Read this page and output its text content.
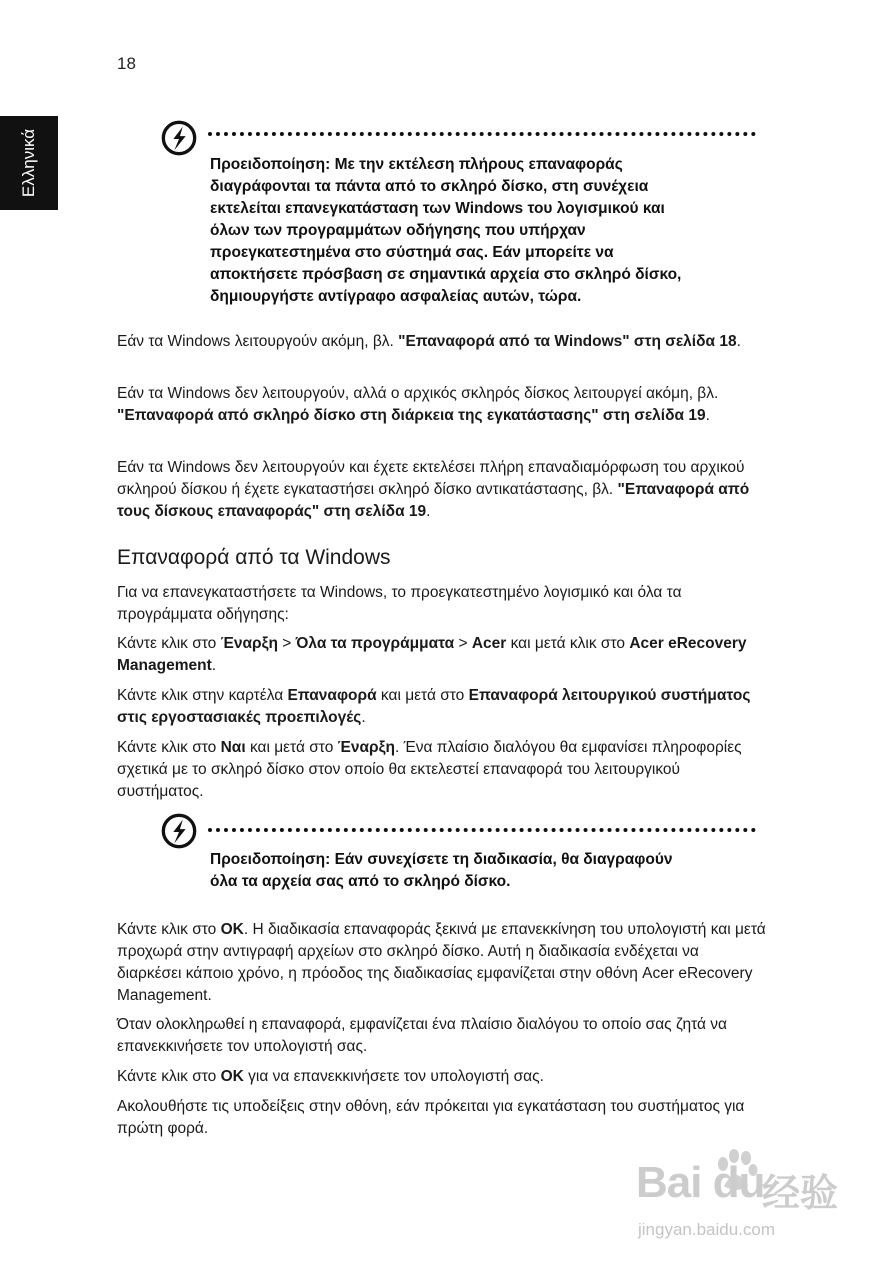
18
Ελληνικά	Προειδοποίηση: Με την εκτέλεση πλήρους επαναφοράς
διαγράφονται τα πάντα από το σκληρό δίσκο, στη συνέχεια
εκτελείται επανεγκατάσταση των Windows του λογισμικού και
όλων των προγραμμάτων οδήγησης που υπήρχαν
προεγκατεστημένα στο σύστημά σας. Εάν μπορείτε να
αποκτήσετε πρόσβαση σε σημαντικά αρχεία στο σκληρό δίσκο,
δημιουργήστε αντίγραφο ασφαλείας αυτών, τώρα.

Εάν τα Windows λειτουργούν ακόμη, βλ. "Επαναφορά από τα Windows" στη σελίδα 18.

Εάν τα Windows δεν λειτουργούν, αλλά ο αρχικός σκληρός δίσκος λειτουργεί ακόμη, βλ. "Επαναφορά από σκληρό δίσκο στη διάρκεια της εγκατάστασης" στη σελίδα 19.

Εάν τα Windows δεν λειτουργούν και έχετε εκτελέσει πλήρη επαναδιαμόρφωση του αρχικού σκληρού δίσκου ή έχετε εγκαταστήσει σκληρό δίσκο αντικατάστασης, βλ. "Επαναφορά από τους δίσκους επαναφοράς" στη σελίδα 19.

Επαναφορά από τα Windows

Για να επανεγκαταστήσετε τα Windows, το προεγκατεστημένο λογισμικό και όλα τα προγράμματα οδήγησης:

Κάντε κλικ στο Έναρξη > Όλα τα προγράμματα > Acer και μετά κλικ στο Acer eRecovery Management.

Κάντε κλικ στην καρτέλα Επαναφορά και μετά στο Επαναφορά λειτουργικού συστήματος στις εργοστασιακές προεπιλογές.

Κάντε κλικ στο Ναι και μετά στο Έναρξη. Ένα πλαίσιο διαλόγου θα εμφανίσει πληροφορίες σχετικά με το σκληρό δίσκο στον οποίο θα εκτελεστεί επαναφορά του λειτουργικού συστήματος.

Προειδοποίηση: Εάν συνεχίσετε τη διαδικασία, θα διαγραφούν
όλα τα αρχεία σας από το σκληρό δίσκο.

Κάντε κλικ στο OK. Η διαδικασία επαναφοράς ξεκινά με επανεκκίνηση του υπολογιστή και μετά προχωρά στην αντιγραφή αρχείων στο σκληρό δίσκο. Αυτή η διαδικασία ενδέχεται να διαρκέσει κάποιο χρόνο, η πρόοδος της διαδικασίας εμφανίζεται στην οθόνη Acer eRecovery Management.

Όταν ολοκληρωθεί η επαναφορά, εμφανίζεται ένα πλαίσιο διαλόγου το οποίο σας ζητά να επανεκκινήσετε τον υπολογιστή σας.

Κάντε κλικ στο OK για να επανεκκινήσετε τον υπολογιστή σας.

Ακολουθήστε τις υποδείξεις στην οθόνη, εάν πρόκειται για εγκατάσταση του συστήματος για πρώτη φορά.

Bai du
经验
jingyan.baidu.com
